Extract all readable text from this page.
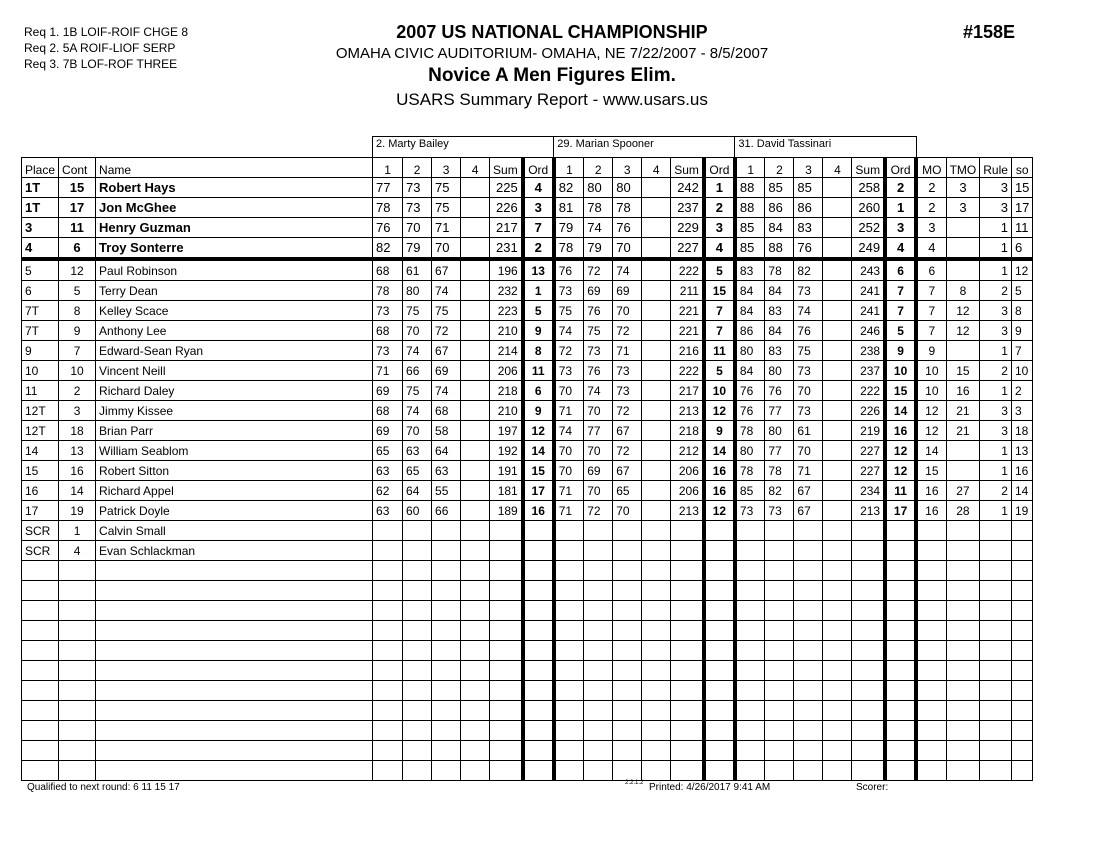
Req 1. 1B LOIF-ROIF CHGE 8
Req 2. 5A ROIF-LIOF SERP
Req 3. 7B LOF-ROF THREE
2007 US NATIONAL CHAMPIONSHIP
OMAHA CIVIC AUDITORIUM- OMAHA, NE 7/22/2007 - 8/5/2007
Novice A Men Figures Elim.
USARS Summary Report - www.usars.us
#158E
			2. Marty Bailey						29. Marian Spooner						31. David Tassinari									
Place	Cont	Name	1	2	3	4	Sum	Ord	1	2	3	4	Sum	Ord	1	2	3	4	Sum	Ord	MO	TMO	Rule	so
1T	15	Robert Hays	77	73	75		225	4	82	80	80		242	1	88	85	85		258	2	2	3	3	15
1T	17	Jon McGhee	78	73	75		226	3	81	78	78		237	2	88	86	86		260	1	2	3	3	17
3	11	Henry Guzman	76	70	71		217	7	79	74	76		229	3	85	84	83		252	3	3		1	11
4	6	Troy Sonterre	82	79	70		231	2	78	79	70		227	4	85	88	76		249	4	4		1	6
5	12	Paul Robinson	68	61	67		196	13	76	72	74		222	5	83	78	82		243	6	6		1	12
6	5	Terry Dean	78	80	74		232	1	73	69	69		211	15	84	84	73		241	7	7	8	2	5
7T	8	Kelley Scace	73	75	75		223	5	75	76	70		221	7	84	83	74		241	7	7	12	3	8
7T	9	Anthony Lee	68	70	72		210	9	74	75	72		221	7	86	84	76		246	5	7	12	3	9
9	7	Edward-Sean Ryan	73	74	67		214	8	72	73	71		216	11	80	83	75		238	9	9		1	7
10	10	Vincent Neill	71	66	69		206	11	73	76	73		222	5	84	80	73		237	10	10	15	2	10
11	2	Richard Daley	69	75	74		218	6	70	74	73		217	10	76	76	70		222	15	10	16	1	2
12T	3	Jimmy Kissee	68	74	68		210	9	71	70	72		213	12	76	77	73		226	14	12	21	3	3
12T	18	Brian Parr	69	70	58		197	12	74	77	67		218	9	78	80	61		219	16	12	21	3	18
14	13	William Seablom	65	63	64		192	14	70	70	72		212	14	80	77	70		227	12	14		1	13
15	16	Robert Sitton	63	65	63		191	15	70	69	67		206	16	78	78	71		227	12	15		1	16
16	14	Richard Appel	62	64	55		181	17	71	70	65		206	16	85	82	67		234	11	16	27	2	14
17	19	Patrick Doyle	63	60	66		189	16	71	72	70		213	12	73	73	67		213	17	16	28	1	19
SCR	1	Calvin Small																						
SCR	4	Evan Schlackman																						

Qualified to next round: 6 11 15 17	$^{2.2.1.2}$ Printed: 4/26/2017 9:41 AM	Scorer:
